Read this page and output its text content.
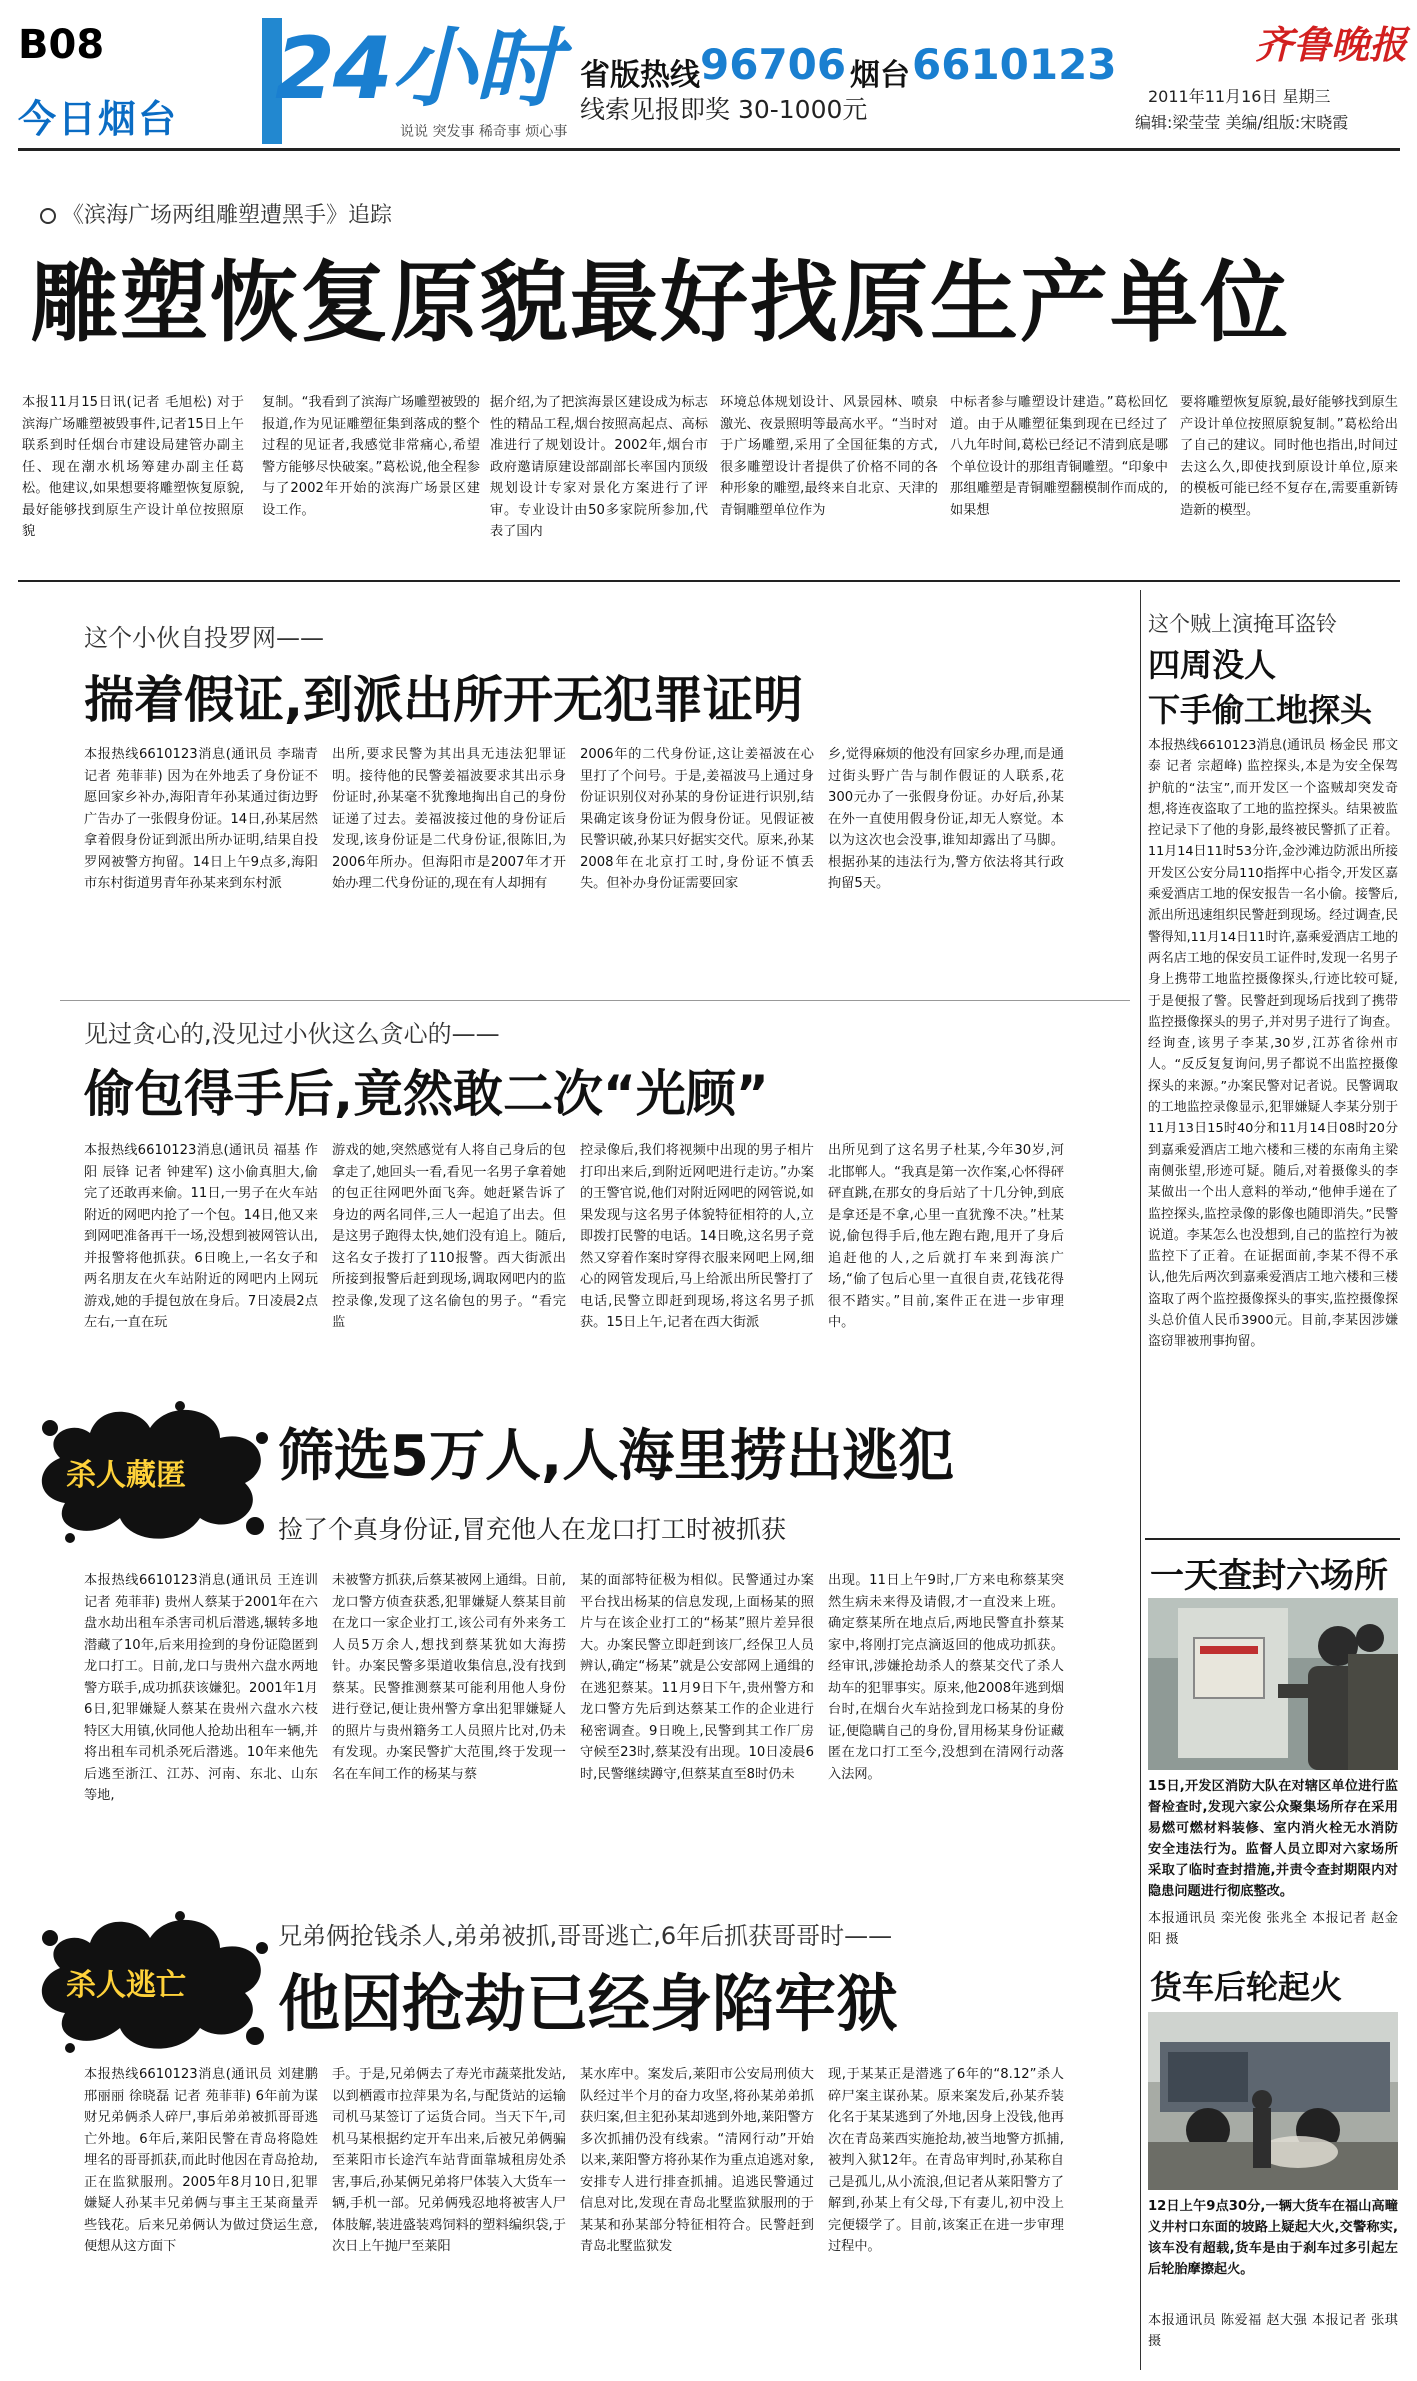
B08
今日烟台 24小时
说说 突发事 稀奇事 烦心事
省版热线 96706 烟台 6610123
线索见报即奖 30-1000元
齐鲁晚报
2011年11月16日 星期三
编辑:梁莹莹 美编/组版:宋晓霞
《滨海广场两组雕塑遭黑手》追踪
雕塑恢复原貌最好找原生产单位
本报11月15日讯(记者 毛旭松) 对于滨海广场雕塑被毁事件,记者15日上午联系到时任烟台市建设局建管办副主任、现在潮水机场筹建办副主任葛松。他建议,如果想要将雕塑恢复原貌,最好能够找到原生产设计单位按照原貌
复制。“我看到了滨海广场雕塑被毁的报道,作为见证雕塑征集到落成的整个过程的见证者,我感觉非常痛心,希望警方能够尽快破案。”葛松说,他全程参与了2002年开始的滨海广场景区建设工作。
据介绍,为了把滨海景区建设成为标志性的精品工程,烟台按照高起点、高标准进行了规划设计。2002年,烟台市政府邀请原建设部副部长率国内顶级规划设计专家对景化方案进行了评审。专业设计由50多家院所参加,代表了国内
环境总体规划设计、风景园林、喷泉激光、夜景照明等最高水平。“当时对于广场雕塑,采用了全国征集的方式,很多雕塑设计者提供了价格不同的各种形象的雕塑,最终来自北京、天津的青铜雕塑单位作为
中标者参与雕塑设计建造。”葛松回忆道。由于从雕塑征集到现在已经过了八九年时间,葛松已经记不清到底是哪个单位设计的那组青铜雕塑。“印象中那组雕塑是青铜雕塑翻模制作而成的,如果想
要将雕塑恢复原貌,最好能够找到原生产设计单位按照原貌复制。”葛松给出了自己的建议。同时他也指出,时间过去这么久,即使找到原设计单位,原来的模板可能已经不复存在,需要重新铸造新的模型。
这个贼上演掩耳盗铃
四周没人
下手偷工地探头
本报热线6610123消息(通讯员 杨金民 邢文泰 记者 宗超峰) 监控探头,本是为安全保驾护航的“法宝”,而开发区一个盗贼却突发奇想,将连夜盗取了工地的监控探头。结果被监控记录下了他的身影,最终被民警抓了正着。11月14日11时53分许,金沙滩边防派出所接开发区公安分局110指挥中心指令,开发区嘉乘爱酒店工地的保安报告一名小偷。接警后,派出所迅速组织民警赶到现场。经过调查,民警得知,11月14日11时许,嘉乘爱酒店工地的两名店工地的保安员工证件时,发现一名男子身上携带工地监控摄像探头,行迹比较可疑,于是便报了警。民警赶到现场后找到了携带监控摄像探头的男子,并对男子进行了询查。经询查,该男子李某,30岁,江苏省徐州市人。“反反复复询问,男子都说不出监控摄像探头的来源。”办案民警对记者说。民警调取的工地监控录像显示,犯罪嫌疑人李某分别于11月13日15时40分和11月14日08时20分到嘉乘爱酒店工地六楼和三楼的东南角主梁南侧张望,形迹可疑。随后,对着摄像头的李某做出一个出人意料的举动,“他伸手递在了监控探头,监控录像的影像也随即消失。”民警说道。李某怎么也没想到,自己的监控行为被监控下了正着。在证据面前,李某不得不承认,他先后两次到嘉乘爱酒店工地六楼和三楼盗取了两个监控摄像探头的事实,监控摄像探头总价值人民币3900元。目前,李某因涉嫌盗窃罪被刑事拘留。
一天查封六场所
15日,开发区消防大队在对辖区单位进行监督检查时,发现六家公众聚集场所存在采用易燃可燃材料装修、室内消火栓无水消防安全违法行为。监督人员立即对六家场所采取了临时查封措施,并责令查封期限内对隐患问题进行彻底整改。
本报通讯员 栾光俊 张兆全 本报记者 赵金阳 摄
货车后轮起火
12日上午9点30分,一辆大货车在福山高疃义井村口东面的坡路上疑起大火,交警称实,该车没有超载,货车是由于刹车过多引起左后轮胎摩擦起火。
本报通讯员 陈爱福 赵大强 本报记者 张琪 摄
这个小伙自投罗网——
揣着假证,到派出所开无犯罪证明
本报热线6610123消息(通讯员 李瑞青 记者 苑菲菲) 因为在外地丢了身份证不愿回家乡补办,海阳青年孙某通过街边野广告办了一张假身份证。14日,孙某居然拿着假身份证到派出所办证明,结果自投罗网被警方拘留。14日上午9点多,海阳市东村街道男青年孙某来到东村派
出所,要求民警为其出具无违法犯罪证明。接待他的民警姜福波要求其出示身份证时,孙某毫不犹豫地掏出自己的身份证递了过去。姜福波接过他的身份证后发现,该身份证是二代身份证,很陈旧,为2006年所办。但海阳市是2007年才开始办理二代身份证的,现在有人却拥有
2006年的二代身份证,这让姜福波在心里打了个问号。于是,姜福波马上通过身份证识别仪对孙某的身份证进行识别,结果确定该身份证为假身份证。见假证被民警识破,孙某只好据实交代。原来,孙某2008年在北京打工时,身份证不慎丢失。但补办身份证需要回家
乡,觉得麻烦的他没有回家乡办理,而是通过街头野广告与制作假证的人联系,花300元办了一张假身份证。办好后,孙某在外一直使用假身份证,却无人察觉。本以为这次也会没事,谁知却露出了马脚。根据孙某的违法行为,警方依法将其行政拘留5天。
见过贪心的,没见过小伙这么贪心的——
偷包得手后,竟然敢二次“光顾”
本报热线6610123消息(通讯员 福基 作阳 辰锋 记者 钟建军) 这小偷真胆大,偷完了还敢再来偷。11日,一男子在火车站附近的网吧内抢了一个包。14日,他又来到网吧准备再干一场,没想到被网管认出,并报警将他抓获。6日晚上,一名女子和两名朋友在火车站附近的网吧内上网玩游戏,她的手提包放在身后。7日凌晨2点左右,一直在玩
游戏的她,突然感觉有人将自己身后的包拿走了,她回头一看,看见一名男子拿着她的包正往网吧外面飞奔。她赶紧告诉了身边的两名同伴,三人一起追了出去。但是这男子跑得太快,她们没有追上。随后,这名女子拨打了110报警。西大街派出所接到报警后赶到现场,调取网吧内的监控录像,发现了这名偷包的男子。“看完监
控录像后,我们将视频中出现的男子相片打印出来后,到附近网吧进行走访。”办案的王警官说,他们对附近网吧的网管说,如果发现与这名男子体貌特征相符的人,立即拨打民警的电话。14日晚,这名男子竟然又穿着作案时穿得衣服来网吧上网,细心的网管发现后,马上给派出所民警打了电话,民警立即赶到现场,将这名男子抓获。15日上午,记者在西大街派
出所见到了这名男子杜某,今年30岁,河北邯郸人。“我真是第一次作案,心怀得砰砰直跳,在那女的身后站了十几分钟,到底是拿还是不拿,心里一直犹豫不决。”杜某说,偷包得手后,他左跑右跑,甩开了身后追赶他的人,之后就打车来到海滨广场,“偷了包后心里一直很自责,花钱花得很不踏实。”目前,案件正在进一步审理中。
杀人藏匿 筛选5万人,人海里捞出逃犯
捡了个真身份证,冒充他人在龙口打工时被抓获
本报热线6610123消息(通讯员 王连训 记者 苑菲菲) 贵州人蔡某于2001年在六盘水劫出租车杀害司机后潜逃,辗转多地潜藏了10年,后来用捡到的身份证隐匿到龙口打工。日前,龙口与贵州六盘水两地警方联手,成功抓获该嫌犯。2001年1月6日,犯罪嫌疑人蔡某在贵州六盘水六枝特区大用镇,伙同他人抢劫出租车一辆,并将出租车司机杀死后潜逃。10年来他先后逃至浙江、江苏、河南、东北、山东等地,
未被警方抓获,后蔡某被网上通缉。日前,龙口警方侦查获悉,犯罪嫌疑人蔡某目前在龙口一家企业打工,该公司有外来务工人员5万余人,想找到蔡某犹如大海捞针。办案民警多渠道收集信息,没有找到蔡某。民警推测蔡某可能利用他人身份进行登记,便让贵州警方拿出犯罪嫌疑人的照片与贵州籍务工人员照片比对,仍未有发现。办案民警扩大范围,终于发现一名在车间工作的杨某与蔡
某的面部特征极为相似。民警通过办案平台找出杨某的信息发现,上面杨某的照片与在该企业打工的“杨某”照片差异很大。办案民警立即赶到该厂,经保卫人员辨认,确定“杨某”就是公安部网上通缉的在逃犯蔡某。11月9日下午,贵州警方和龙口警方先后到达蔡某工作的企业进行秘密调查。9日晚上,民警到其工作厂房守候至23时,蔡某没有出现。10日凌晨6时,民警继续蹲守,但蔡某直至8时仍未
出现。11日上午9时,厂方来电称蔡某突然生病未来得及请假,才一直没来上班。确定蔡某所在地点后,两地民警直扑蔡某家中,将刚打完点滴返回的他成功抓获。经审讯,涉嫌抢劫杀人的蔡某交代了杀人劫车的犯罪事实。原来,他2008年逃到烟台时,在烟台火车站捡到龙口杨某的身份证,便隐瞒自己的身份,冒用杨某身份证藏匿在龙口打工至今,没想到在清网行动落入法网。
杀人逃亡
兄弟俩抢钱杀人,弟弟被抓,哥哥逃亡,6年后抓获哥哥时——
他因抢劫已经身陷牢狱
本报热线6610123消息(通讯员 刘建鹏 邢丽丽 徐晓磊 记者 苑菲菲) 6年前为谋财兄弟俩杀人碎尸,事后弟弟被抓哥哥逃亡外地。6年后,莱阳民警在青岛将隐姓埋名的哥哥抓获,而此时他因在青岛抢劫,正在监狱服刑。2005年8月10日,犯罪嫌疑人孙某丰兄弟俩与事主王某商量弄些钱花。后来兄弟俩认为做过贷运生意,便想从这方面下
手。于是,兄弟俩去了寿光市蔬菜批发站,以到栖霞市拉萍果为名,与配货站的运输司机马某签订了运货合同。当天下午,司机马某根据约定开车出来,后被兄弟俩骗至莱阳市长途汽车站背面靠城租房处杀害,事后,孙某俩兄弟将尸体装入大货车一辆,手机一部。兄弟俩残忍地将被害人尸体肢解,装进盛装鸡饲料的塑料编织袋,于次日上午抛尸至莱阳
某水库中。案发后,莱阳市公安局刑侦大队经过半个月的奋力攻坚,将孙某弟弟抓获归案,但主犯孙某却逃到外地,莱阳警方多次抓捕仍没有线索。“清网行动”开始以来,莱阳警方将孙某作为重点追逃对象,安排专人进行排查抓捕。追逃民警通过信息对比,发现在青岛北墅监狱服刑的于某某和孙某部分特征相符合。民警赶到青岛北墅监狱发
现,于某某正是潜逃了6年的“8.12”杀人碎尸案主谋孙某。原来案发后,孙某乔装化名于某某逃到了外地,因身上没钱,他再次在青岛莱西实施抢劫,被当地警方抓捕,被判入狱12年。在青岛审判时,孙某称自己是孤儿,从小流浪,但记者从莱阳警方了解到,孙某上有父母,下有妻儿,初中没上完便辍学了。目前,该案正在进一步审理过程中。
